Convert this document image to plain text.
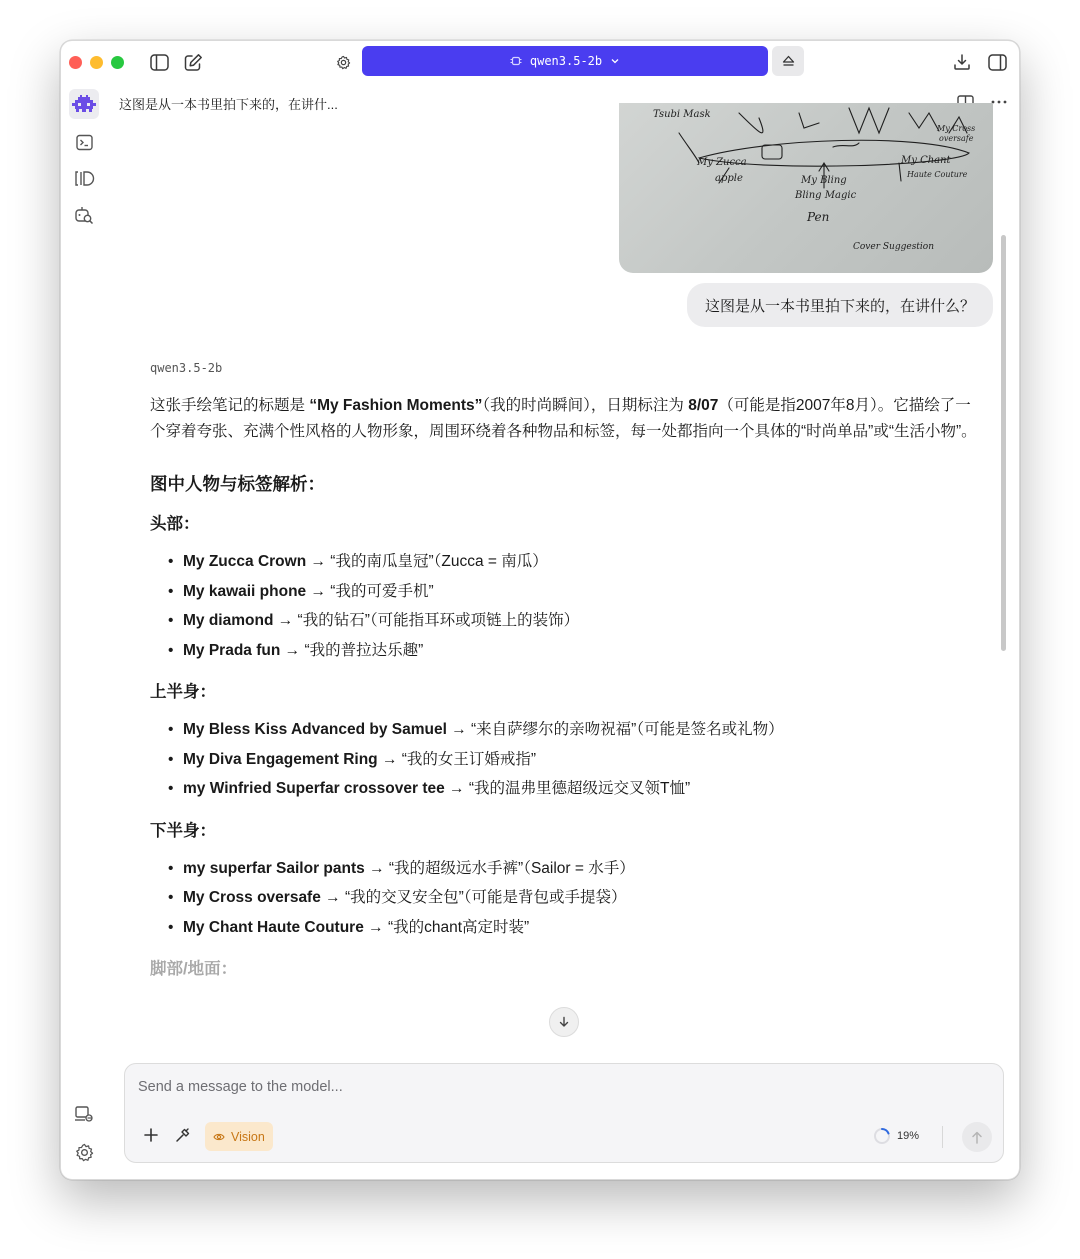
qwen3.5-2b
这图是从一本书里拍下来的，在讲什...
Tsubi Mask
My Zucca
apple	My Bling
Bling Magic
Pen
My Chant
Haute Couture
My Cross
oversafe
Cover Suggestion
这图是从一本书里拍下来的，在讲什么？
qwen3.5-2b

这张手绘笔记的标题是 “My Fashion Moments”（我的时尚瞬间），日期标注为 8/07（可能是指2007年8月）。它描绘了一个穿着夸张、充满个性风格的人物形象，周围环绕着各种物品和标签，每一处都指向一个具体的“时尚单品”或“生活小物”。

图中人物与标签解析：
头部：
• My Zucca Crown → “我的南瓜皇冠”（Zucca = 南瓜）
• My kawaii phone → “我的可爱手机”
• My diamond → “我的钻石”（可能指耳环或项链上的装饰）
• My Prada fun → “我的普拉达乐趣”
上半身：
• My Bless Kiss Advanced by Samuel → “来自萨缪尔的亲吻祝福”（可能是签名或礼物）
• My Diva Engagement Ring → “我的女王订婚戒指”
• my Winfried Superfar crossover tee → “我的温弗里德超级远交叉领T恤”
下半身：
• my superfar Sailor pants → “我的超级远水手裤”（Sailor = 水手）
• My Cross oversafe → “我的交叉安全包”（可能是背包或手提袋）
• My Chant Haute Couture → “我的chant高定时装”
脚部/地面：
Send a message to the model...
Vision	19%
